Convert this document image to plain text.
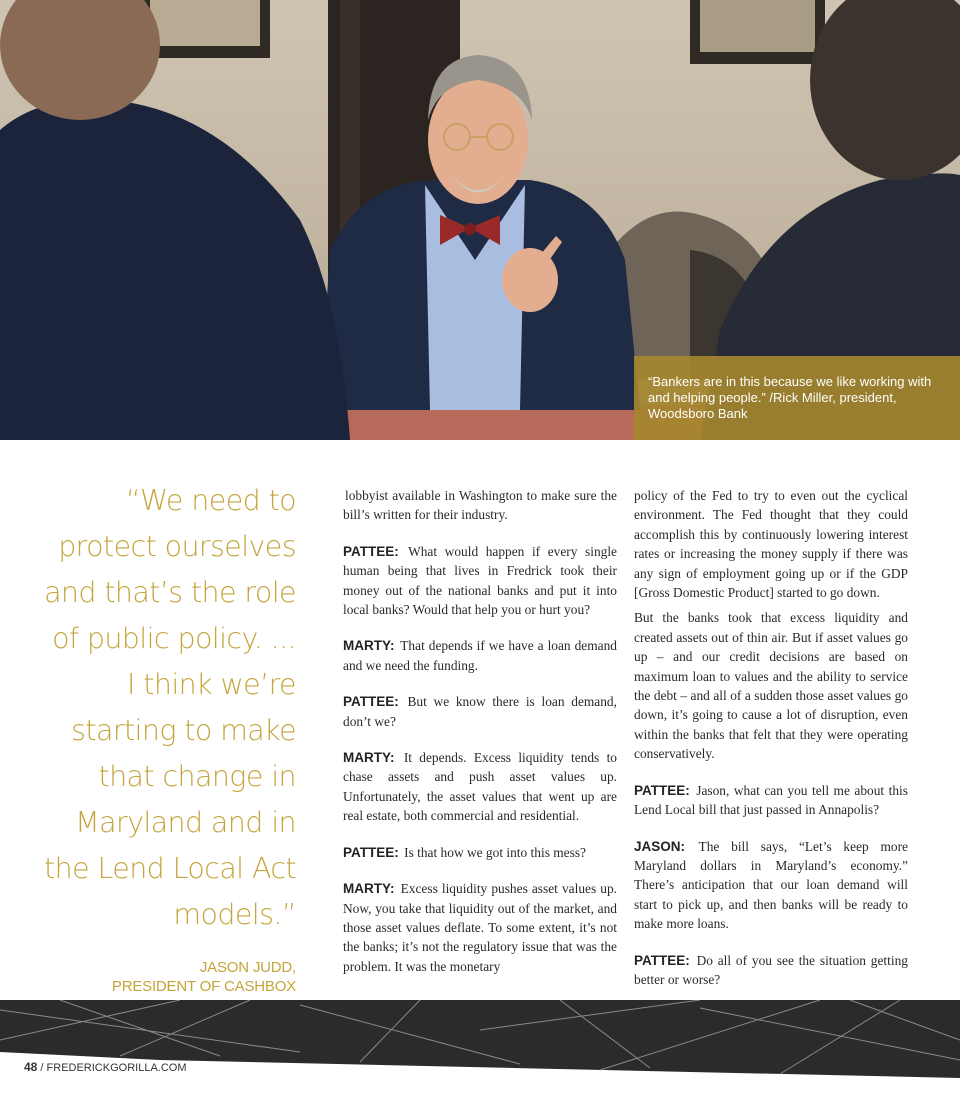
“Bankers are in this because we like working with and helping people.” /Rick Miller, president, Woodsboro Bank

“We need to protect ourselves and that’s the role of public policy. ... I think we’re starting to make that change in Maryland and in the Lend Local Act models.”

JASON JUDD,
PRESIDENT OF CASHBOX

lobbyist available in Washington to make sure the bill’s written for their industry.

PATTEE: What would happen if every single human being that lives in Fredrick took their money out of the national banks and put it into local banks? Would that help you or hurt you?

MARTY: That depends if we have a loan demand and we need the funding.

PATTEE: But we know there is loan demand, don’t we?

MARTY: It depends. Excess liquidity tends to chase assets and push asset values up. Unfortunately, the asset values that went up are real estate, both commercial and residential.

PATTEE: Is that how we got into this mess?

MARTY: Excess liquidity pushes asset values up. Now, you take that liquidity out of the market, and those asset values deflate. To some extent, it’s not the banks; it’s not the regulatory issue that was the problem. It was the monetary

policy of the Fed to try to even out the cyclical environment. The Fed thought that they could accomplish this by continuously lowering interest rates or increasing the money supply if there was any sign of employment going up or if the GDP [Gross Domestic Product] started to go down.

But the banks took that excess liquidity and created assets out of thin air. But if asset values go up – and our credit decisions are based on maximum loan to values and the ability to service the debt – and all of a sudden those asset values go down, it’s going to cause a lot of disruption, even within the banks that felt that they were operating conservatively.

PATTEE: Jason, what can you tell me about this Lend Local bill that just passed in Annapolis?

JASON: The bill says, “Let’s keep more Maryland dollars in Maryland’s economy.” There’s anticipation that our loan demand will start to pick up, and then banks will be ready to make more loans.

PATTEE: Do all of you see the situation getting better or worse?

48 / FREDERICKGORILLA.COM
